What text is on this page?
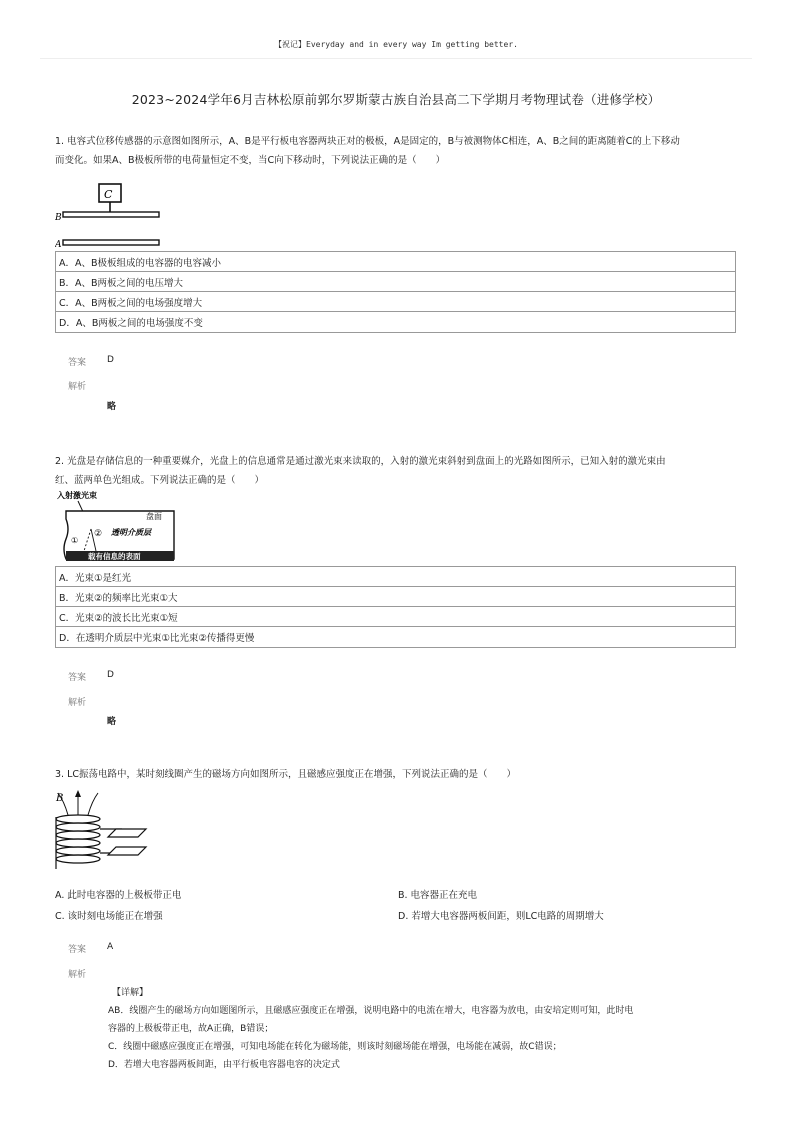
【祝记】Everyday and in every way Im getting better.
2023~2024学年6月吉林松原前郭尔罗斯蒙古族自治县高二下学期月考物理试卷（进修学校）
1. 电容式位移传感器的示意图如图所示，A、B是平行板电容器两块正对的极板，A是固定的，B与被测物体C相连，A、B之间的距离随着C的上下移动
而变化。如果A、B极板所带的电荷量恒定不变，当C向下移动时，下列说法正确的是（　　）
C
B
A
A．A、B极板组成的电容器的电容减小
B．A、B两板之间的电压增大
C．A、B两板之间的电场强度增大
D．A、B两板之间的电场强度不变
答案 D
解析
略
2. 光盘是存储信息的一种重要媒介，光盘上的信息通常是通过激光束来读取的，入射的激光束斜射到盘面上的光路如图所示，已知入射的激光束由
红、蓝两单色光组成。下列说法正确的是（　　）
入射激光束
盘面
透明介质层
②
①
载有信息的表面
A．光束①是红光
B．光束②的频率比光束①大
C．光束②的波长比光束①短
D．在透明介质层中光束①比光束②传播得更慢
答案 D
解析
略
3. LC振荡电路中，某时刻线圈产生的磁场方向如图所示，且磁感应强度正在增强，下列说法正确的是（　　）
B
A. 此时电容器的上极板带正电	B. 电容器正在充电
C. 该时刻电场能正在增强	D. 若增大电容器两板间距，则LC电路的周期增大
答案 A
解析
【详解】
AB．线圈产生的磁场方向如题图所示，且磁感应强度正在增强，说明电路中的电流在增大，电容器为放电，由安培定则可知，此时电
容器的上极板带正电，故A正确，B错误；
C．线圈中磁感应强度正在增强，可知电场能在转化为磁场能，则该时刻磁场能在增强，电场能在减弱，故C错误；
D．若增大电容器两板间距，由平行板电容器电容的决定式
